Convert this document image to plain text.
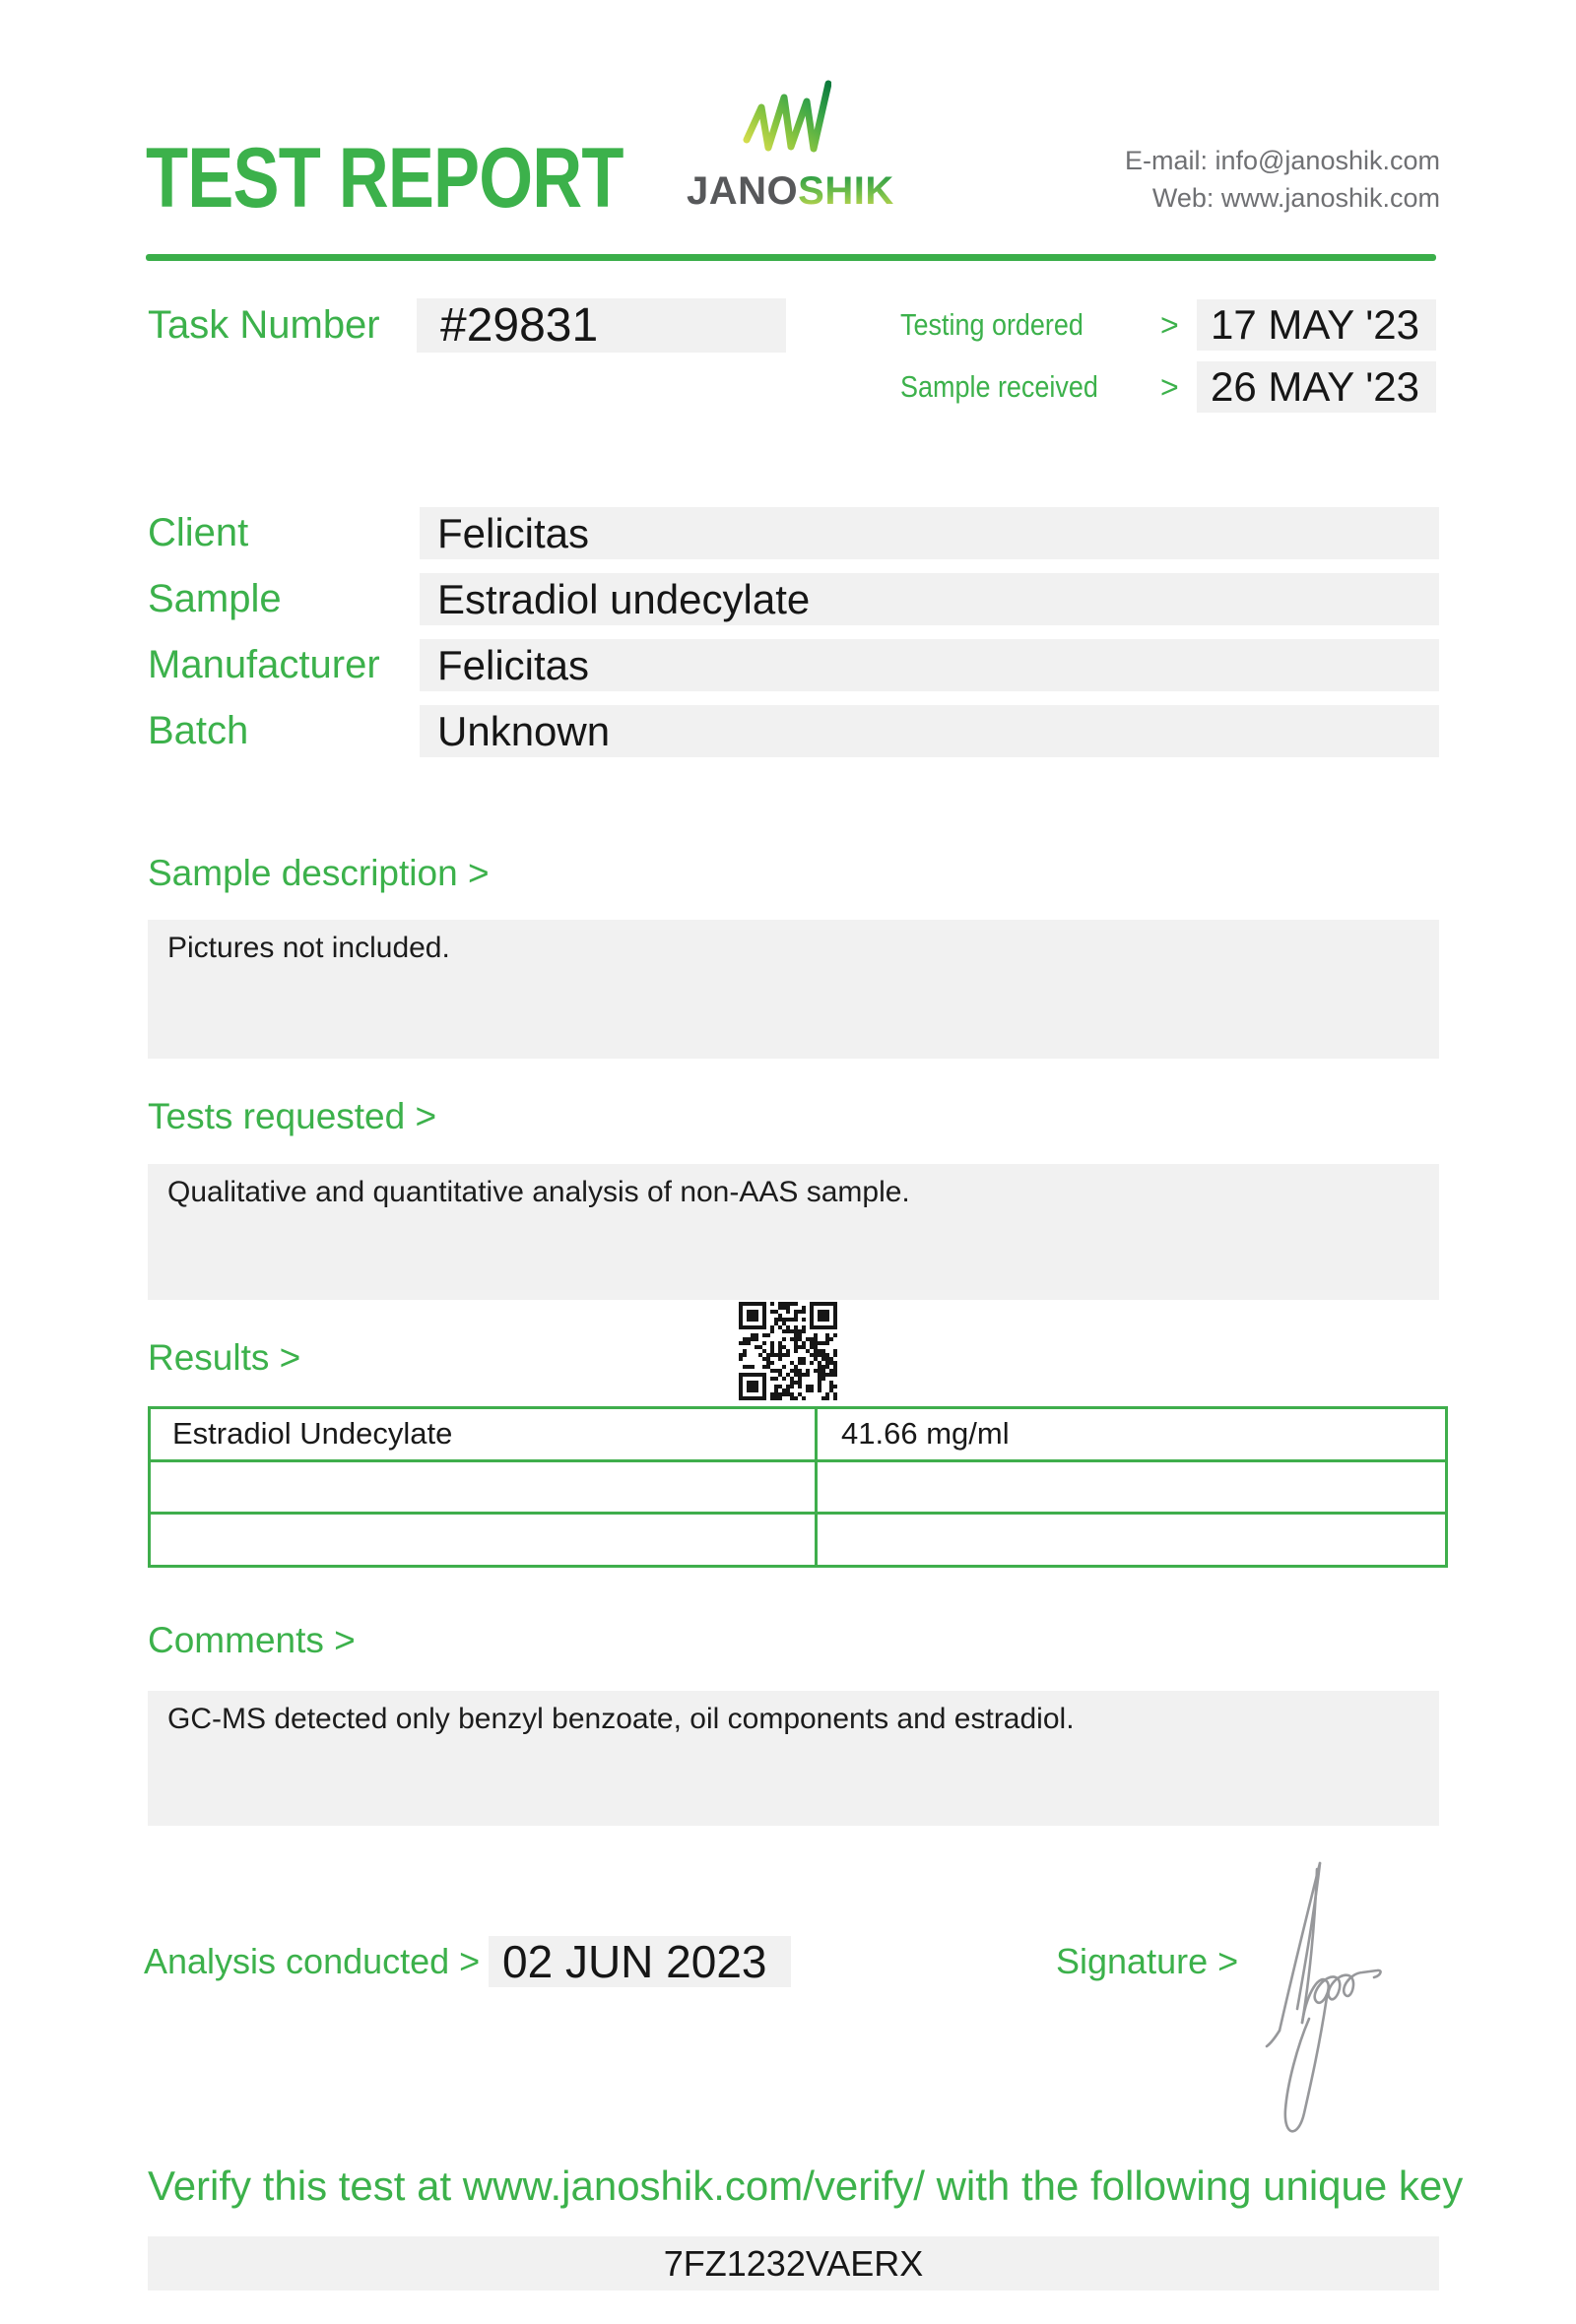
TEST REPORT JANOSHIK
E-mail: info@janoshik.com
Web: www.janoshik.com
Task Number	#29831	Testing ordered	> 17 MAY '23
Sample received	> 26 MAY '23
Client	Felicitas
Sample	Estradiol undecylate
Manufacturer	Felicitas
Batch	Unknown
Sample description >
Pictures not included.
Tests requested >
Qualitative and quantitative analysis of non-AAS sample.
Results >
Estradiol Undecylate	41.66 mg/ml
Comments >
GC-MS detected only benzyl benzoate, oil components and estradiol.
Analysis conducted > 02 JUN 2023	Signature >
Verify this test at www.janoshik.com/verify/ with the following unique key
7FZ1232VAERX
